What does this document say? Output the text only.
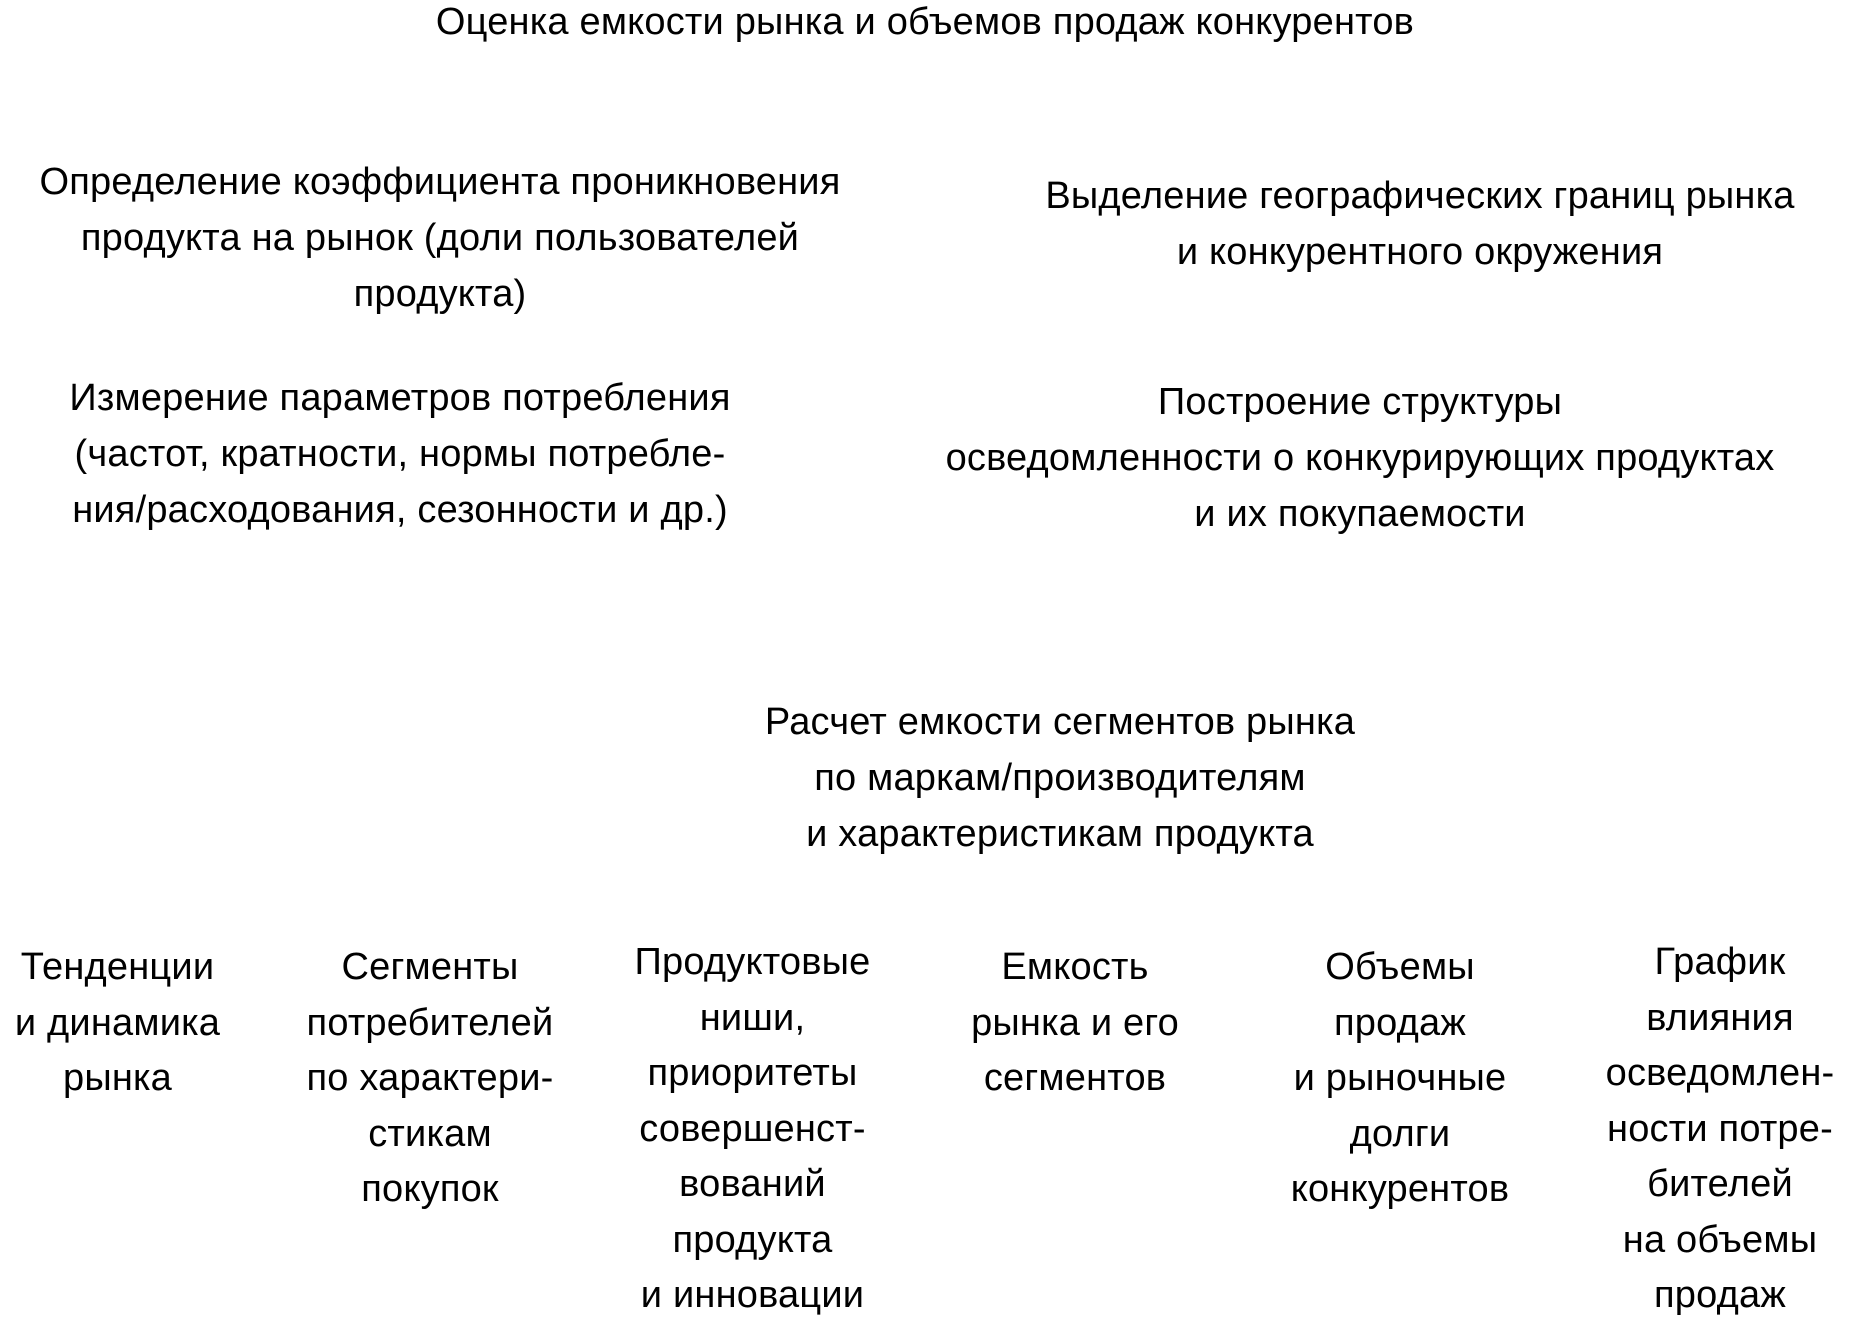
Оценка емкости рынка и объемов продаж конкурентов
Определение коэффициента проникновения
продукта на рынок (доли пользователей
продукта)
Выделение географических границ рынка
и конкурентного окружения
Измерение параметров потребления
(частот, кратности, нормы потребле-
ния/расходования, сезонности и др.)
Построение структуры
осведомленности о конкурирующих продуктах
и их покупаемости
Расчет емкости сегментов рынка
по маркам/производителям
и характеристикам продукта
Тенденции
и динамика
рынка
Сегменты
потребителей
по характери-
стикам
покупок
Продуктовые
ниши,
приоритеты
совершенст-
вований
продукта
и инновации
Емкость
рынка и его
сегментов
Объемы
продаж
и рыночные
долги
конкурентов
График
влияния
осведомлен-
ности потре-
бителей
на объемы
продаж
